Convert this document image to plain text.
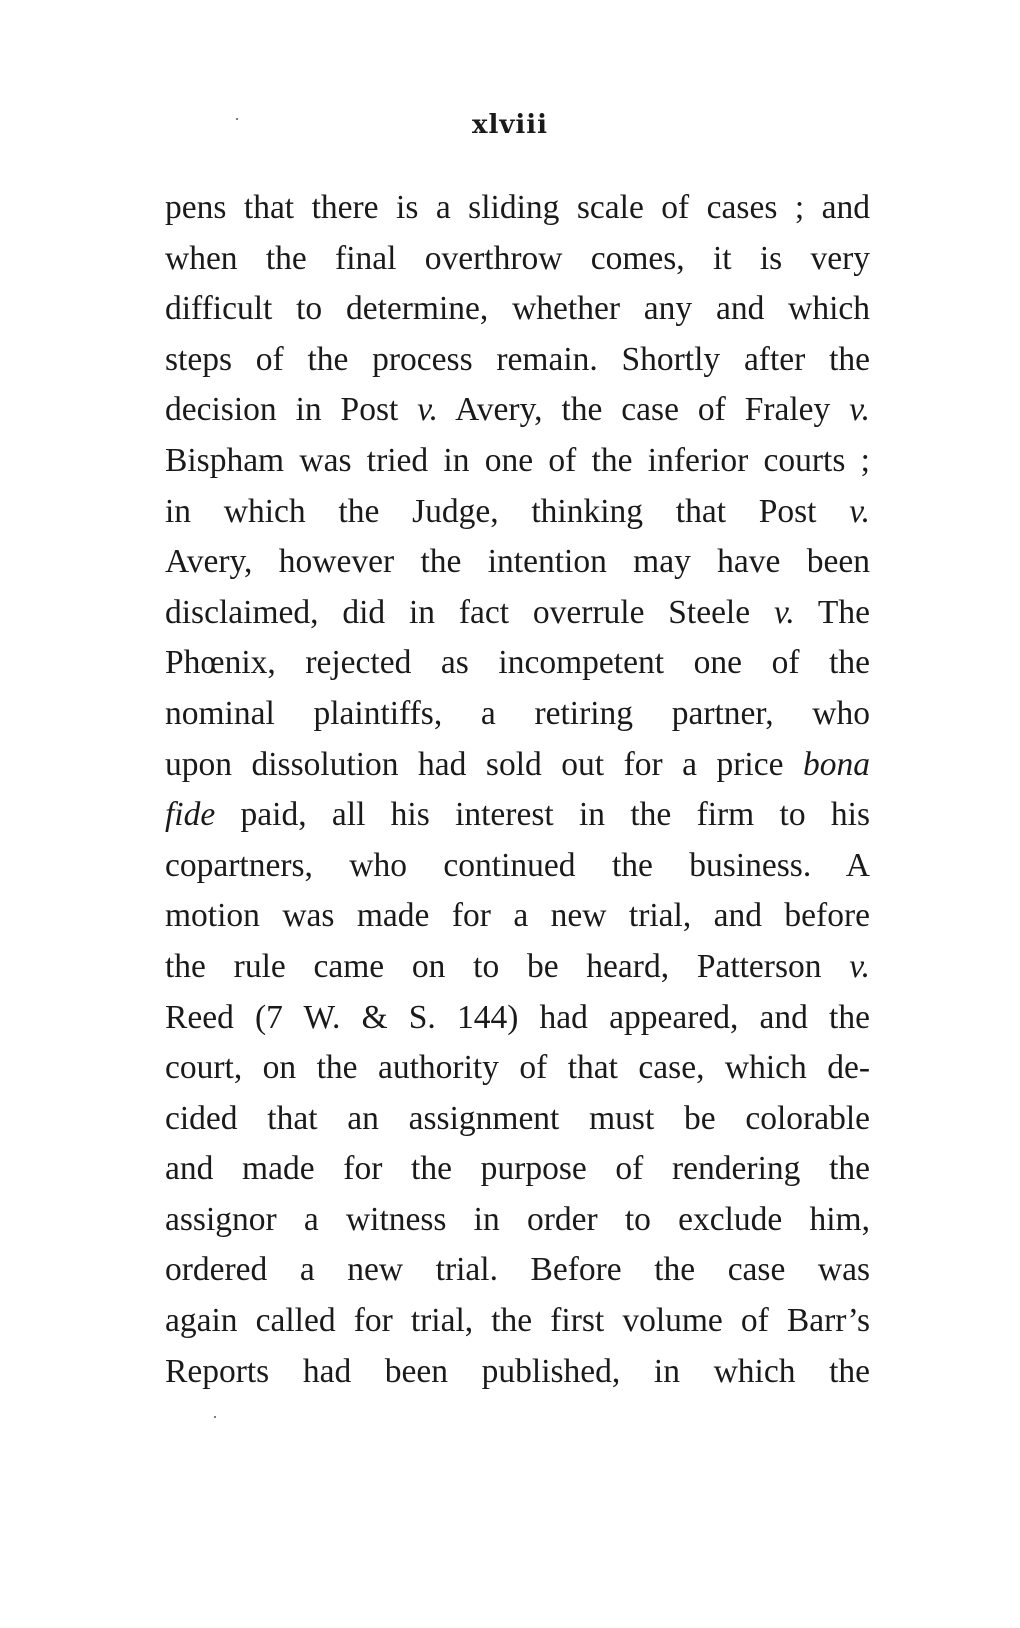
xlviii
pens that there is a sliding scale of cases ; and
when the final overthrow comes, it is very
difficult to determine, whether any and which
steps of the process remain. Shortly after the
decision in Post v. Avery, the case of Fraley v.
Bispham was tried in one of the inferior courts ;
in which the Judge, thinking that Post v.
Avery, however the intention may have been
disclaimed, did in fact overrule Steele v. The
Phœnix, rejected as incompetent one of the
nominal plaintiffs, a retiring partner, who
upon dissolution had sold out for a price bona
fide paid, all his interest in the firm to his
copartners, who continued the business. A
motion was made for a new trial, and before
the rule came on to be heard, Patterson v.
Reed (7 W. & S. 144) had appeared, and the
court, on the authority of that case, which de-
cided that an assignment must be colorable
and made for the purpose of rendering the
assignor a witness in order to exclude him,
ordered a new trial. Before the case was
again called for trial, the first volume of Barr’s
Reports had been published, in which the
